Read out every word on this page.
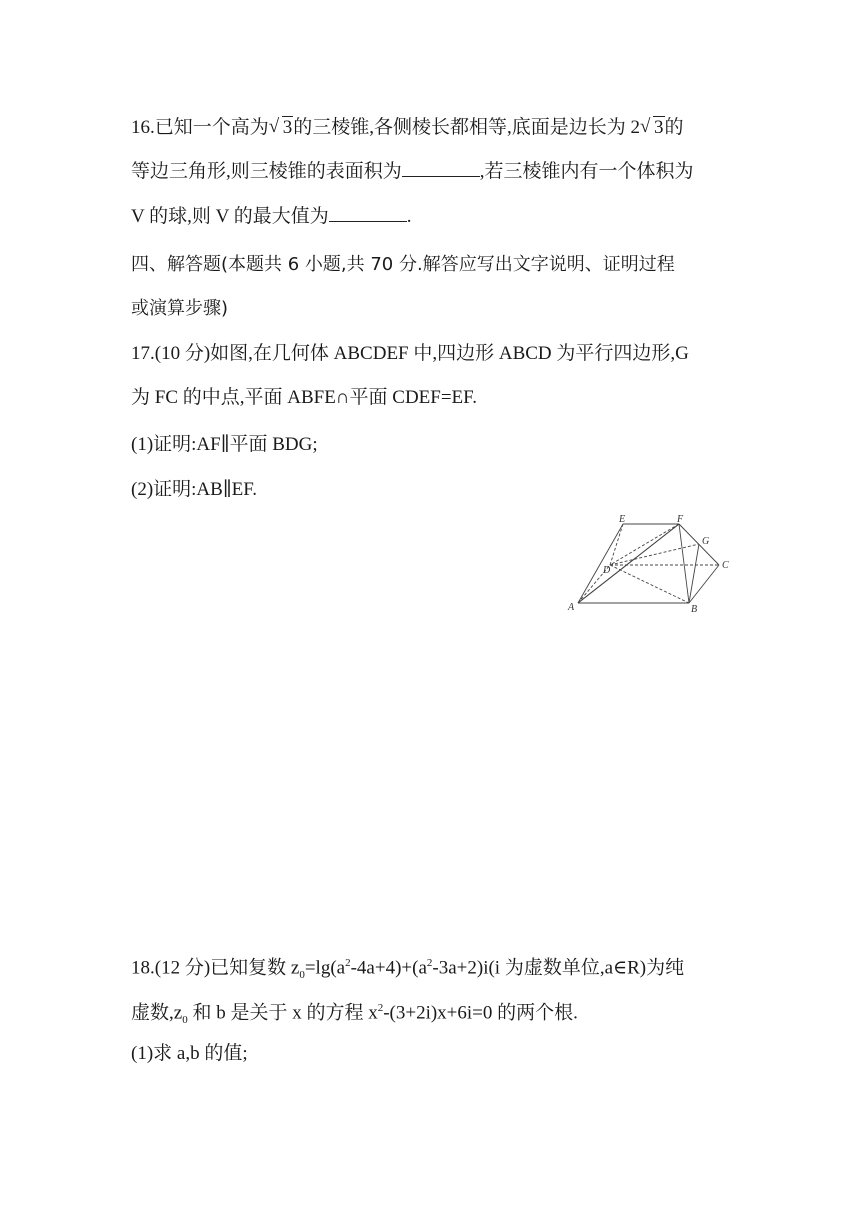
16.已知一个高为 √ 3的三棱锥,各侧棱长都相等,底面是边长为 2 √ 3的
等边三角形,则三棱锥的表面积为	,若三棱锥内有一个体积为
V 的球,则 V 的最大值为	.
四、解答题(本题共 6 小题,共 70 分.解答应写出文字说明、证明过程
或演算步骤)
17.(10 分)如图,在几何体 ABCDEF 中,四边形 ABCD 为平行四边形,G
为 FC 的中点,平面 ABFE∩平面 CDEF=EF.
(1)证明:AF∥平面 BDG;
(2)证明:AB∥EF.
A	B
C
D
E	F
G
18.(12 分)已知复数 $z_0=\lg(a^2-4a+4)+(a^2-3a+2)i(i$ 为虚数单位,a∈R)为纯
虚数$,z_0$ 和 b 是关于 x 的方程 $x^2-(3+2i)x+6i=0$ 的两个根.
(1)求 a,b 的值;
